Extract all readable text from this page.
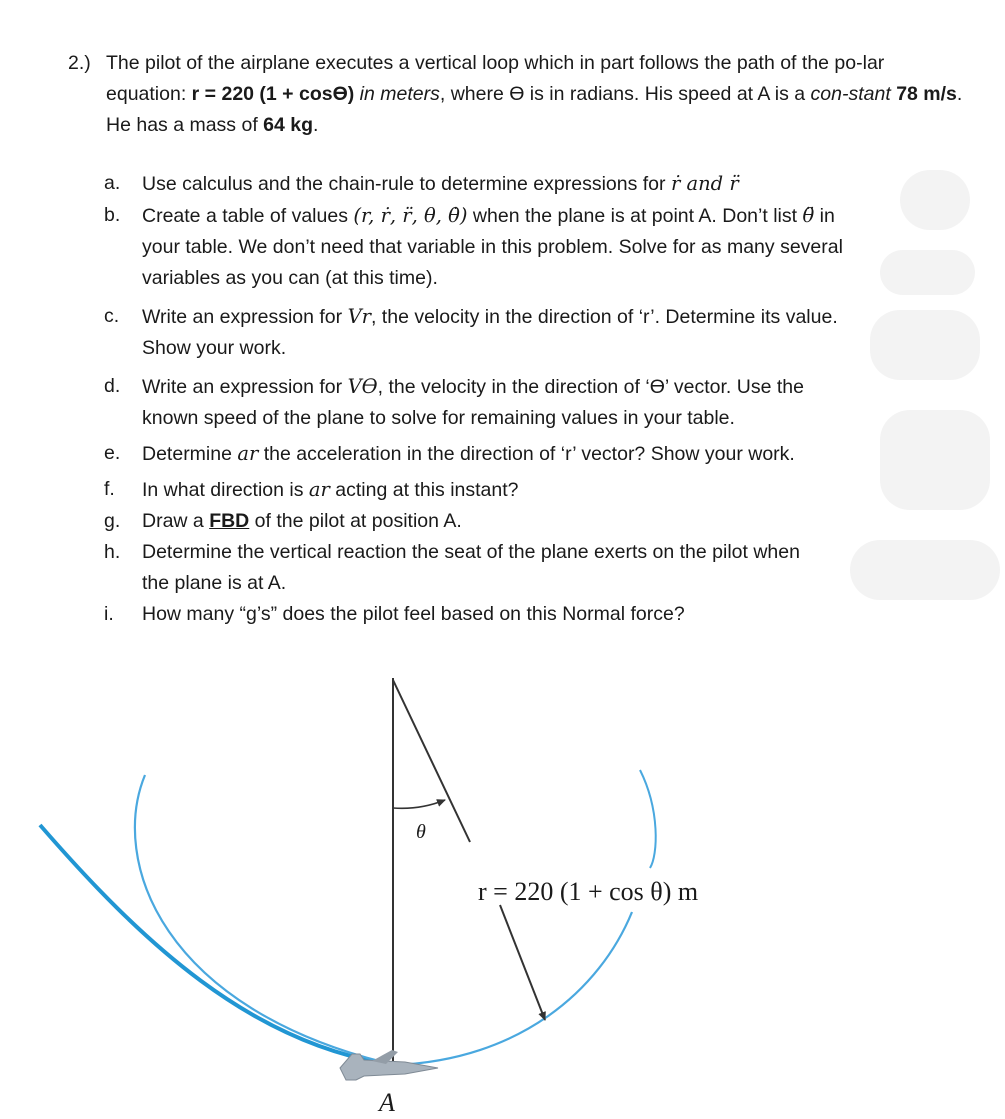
2.) The pilot of the airplane executes a vertical loop which in part follows the path of the po-lar equation: r = 220 (1 + cosϴ) in meters, where ϴ is in radians. His speed at A is a con-stant 78 m/s. He has a mass of 64 kg.
a. Use calculus and the chain-rule to determine expressions for ṙ and r̈
b. Create a table of values (r, ṙ, r̈, θ, θ̇) when the plane is at point A. Don’t list θ̈ in your table. We don’t need that variable in this problem. Solve for as many several variables as you can (at this time).
c. Write an expression for Vr, the velocity in the direction of ‘r’. Determine its value. Show your work.
d. Write an expression for Vϴ, the velocity in the direction of ‘ϴ’ vector. Use the known speed of the plane to solve for remaining values in your table.
e. Determine ar the acceleration in the direction of ‘r’ vector? Show your work.
f. In what direction is ar acting at this instant?
g. Draw a FBD of the pilot at position A.
h. Determine the vertical reaction the seat of the plane exerts on the pilot when the plane is at A.
i. How many “g’s” does the pilot feel based on this Normal force?
θ
r = 220 (1 + cos θ) m
A
